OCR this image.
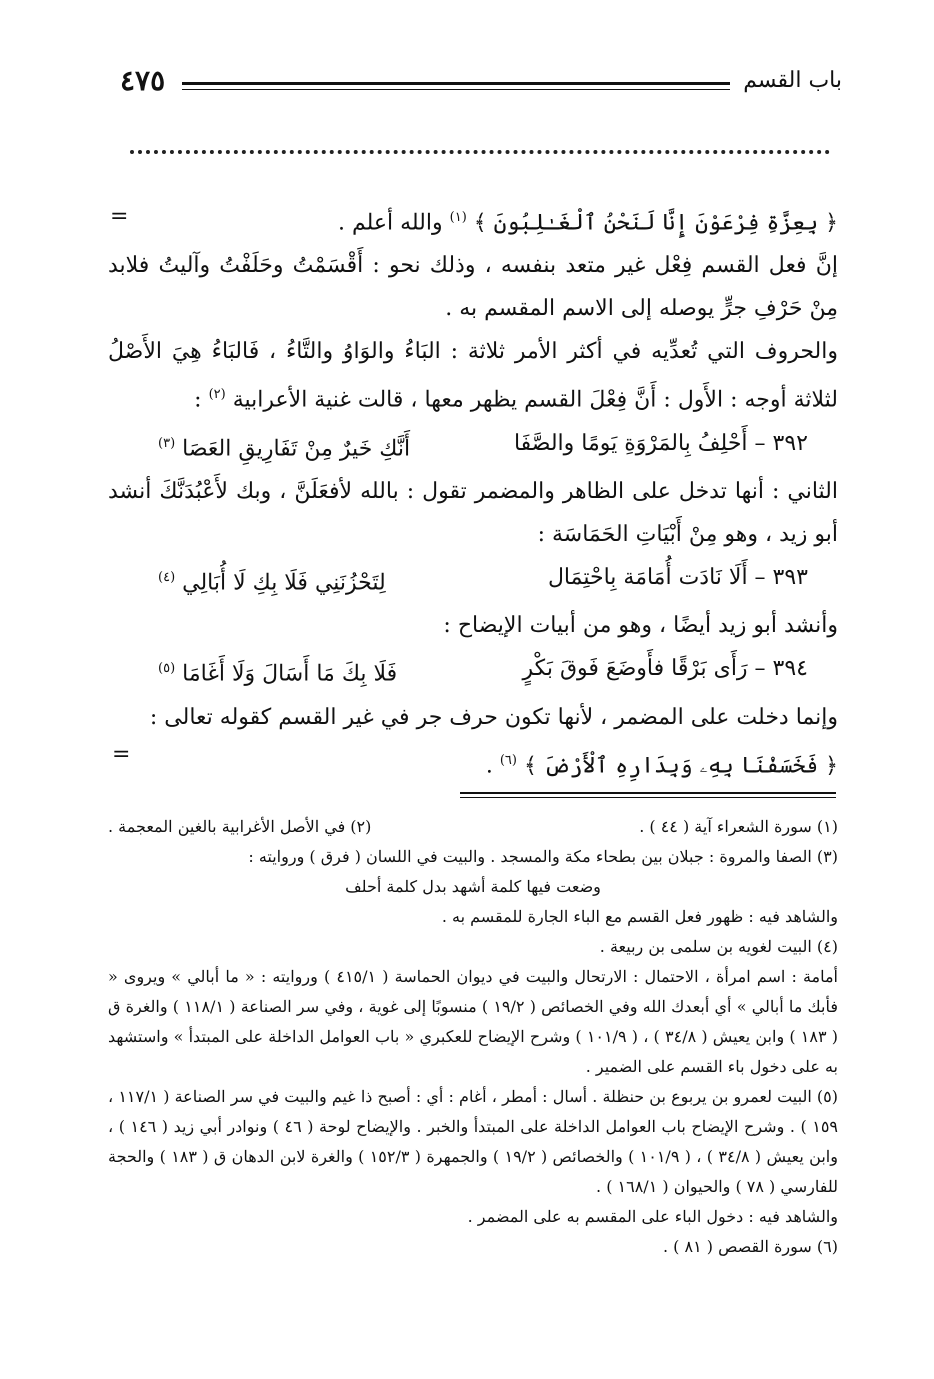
٤٧٥	باب القسم
=	﴿ بِعِزَّةِ فِرْعَوْنَ إِنَّا لَنَحْنُ ٱلْغَـٰلِبُونَ ﴾ $^{(١)}$ والله أعلم .

إنَّ فعل القسم فِعْل غير متعد بنفسه ، وذلك نحو : أَقْسَمْتُ وحَلَفْتُ وآليتُ فلابد مِنْ حَرْفِ جرٍّ يوصله إلى الاسم المقسم به .

والحروف التي تُعدِّيه في أكثر الأمر ثلاثة : البَاءُ والوَاوُ والتَّاءُ ، فَالبَاءُ هِيَ الأَصْلُ لثلاثة أوجه : الأَول : أَنَّ فِعْلَ القسم يظهر معها ، قالت غنية الأعرابية $^{(٢)}$ :

٣٩٢ – أَحْلِفُ بِالمَرْوَةِ يَومًا والصَّفَا
أَنَّكِ خَيرٌ مِنْ تَفَارِيقِ العَصَا $^{(٣)}$

الثاني : أنها تدخل على الظاهر والمضمر تقول : بالله لأفعَلَنَّ ، وبك لأَعْبُدَنَّكَ أنشد أبو زيد ، وهو مِنْ أَبْيَاتِ الحَمَاسَة :

٣٩٣ – أَلَا نَادَت أُمَامَة بِاحْتِمَال
لِتَحْزُنَنِي فَلَا بِكِ لَا أُبَالِي $^{(٤)}$

وأنشد أبو زيد أيضًا ، وهو من أبيات الإيضاح :

٣٩٤ – رَأَى بَرْقًا فأَوضَعَ فَوقَ بَكْرٍ
فَلَا بِكَ مَا أَسَالَ وَلَا أَغَامَا $^{(٥)}$

وإنما دخلت على المضمر ، لأنها تكون حرف جر في غير القسم كقوله تعالى :

﴿ فَخَسَفْنَا بِهِۦ وَبِدَارِهِ ٱلْأَرْضَ ﴾ $^{(٦)}$ .

=
(١) سورة الشعراء آية ( ٤٤ ) .
(٢) في الأصل الأغرابية بالغين المعجمة .

(٣) الصفا والمروة : جبلان بين بطحاء مكة والمسجد . والبيت في اللسان ( فرق ) وروايته :

وضعت فيها كلمة أشهد بدل كلمة أحلف

والشاهد فيه : ظهور فعل القسم مع الباء الجارة للمقسم به .

(٤) البيت لغويه بن سلمى بن ربيعة .

أمامة : اسم امرأة ، الاحتمال : الارتحال والبيت في ديوان الحماسة ( ٤١٥/١ ) وروايته : « ما أبالي » ويروى « فأبك ما أبالي » أي أبعدك الله وفي الخصائص ( ١٩/٢ ) منسوبًا إلى غوية ، وفي سر الصناعة ( ١١٨/١ ) والغرة ق ( ١٨٣ ) وابن يعيش ( ٣٤/٨ ) ، ( ١٠١/٩ ) وشرح الإيضاح للعكبري « باب العوامل الداخلة على المبتدأ » واستشهد به على دخول باء القسم على الضمير .

(٥) البيت لعمرو بن يربوع بن حنظلة . أسال : أمطر ، أغام : أي : أصبح ذا غيم والبيت في سر الصناعة ( ١١٧/١ ، ١٥٩ ) . وشرح الإيضاح باب العوامل الداخلة على المبتدأ والخبر . والإيضاح لوحة ( ٤٦ ) ونوادر أبي زيد ( ١٤٦ ) ، وابن يعيش ( ٣٤/٨ ) ، ( ١٠١/٩ ) والخصائص ( ١٩/٢ ) والجمهرة ( ١٥٢/٣ ) والغرة لابن الدهان ق ( ١٨٣ ) والحجة للفارسي ( ٧٨ ) والحيوان ( ١٦٨/١ ) .

والشاهد فيه : دخول الباء على المقسم به على المضمر .

(٦) سورة القصص ( ٨١ ) .
